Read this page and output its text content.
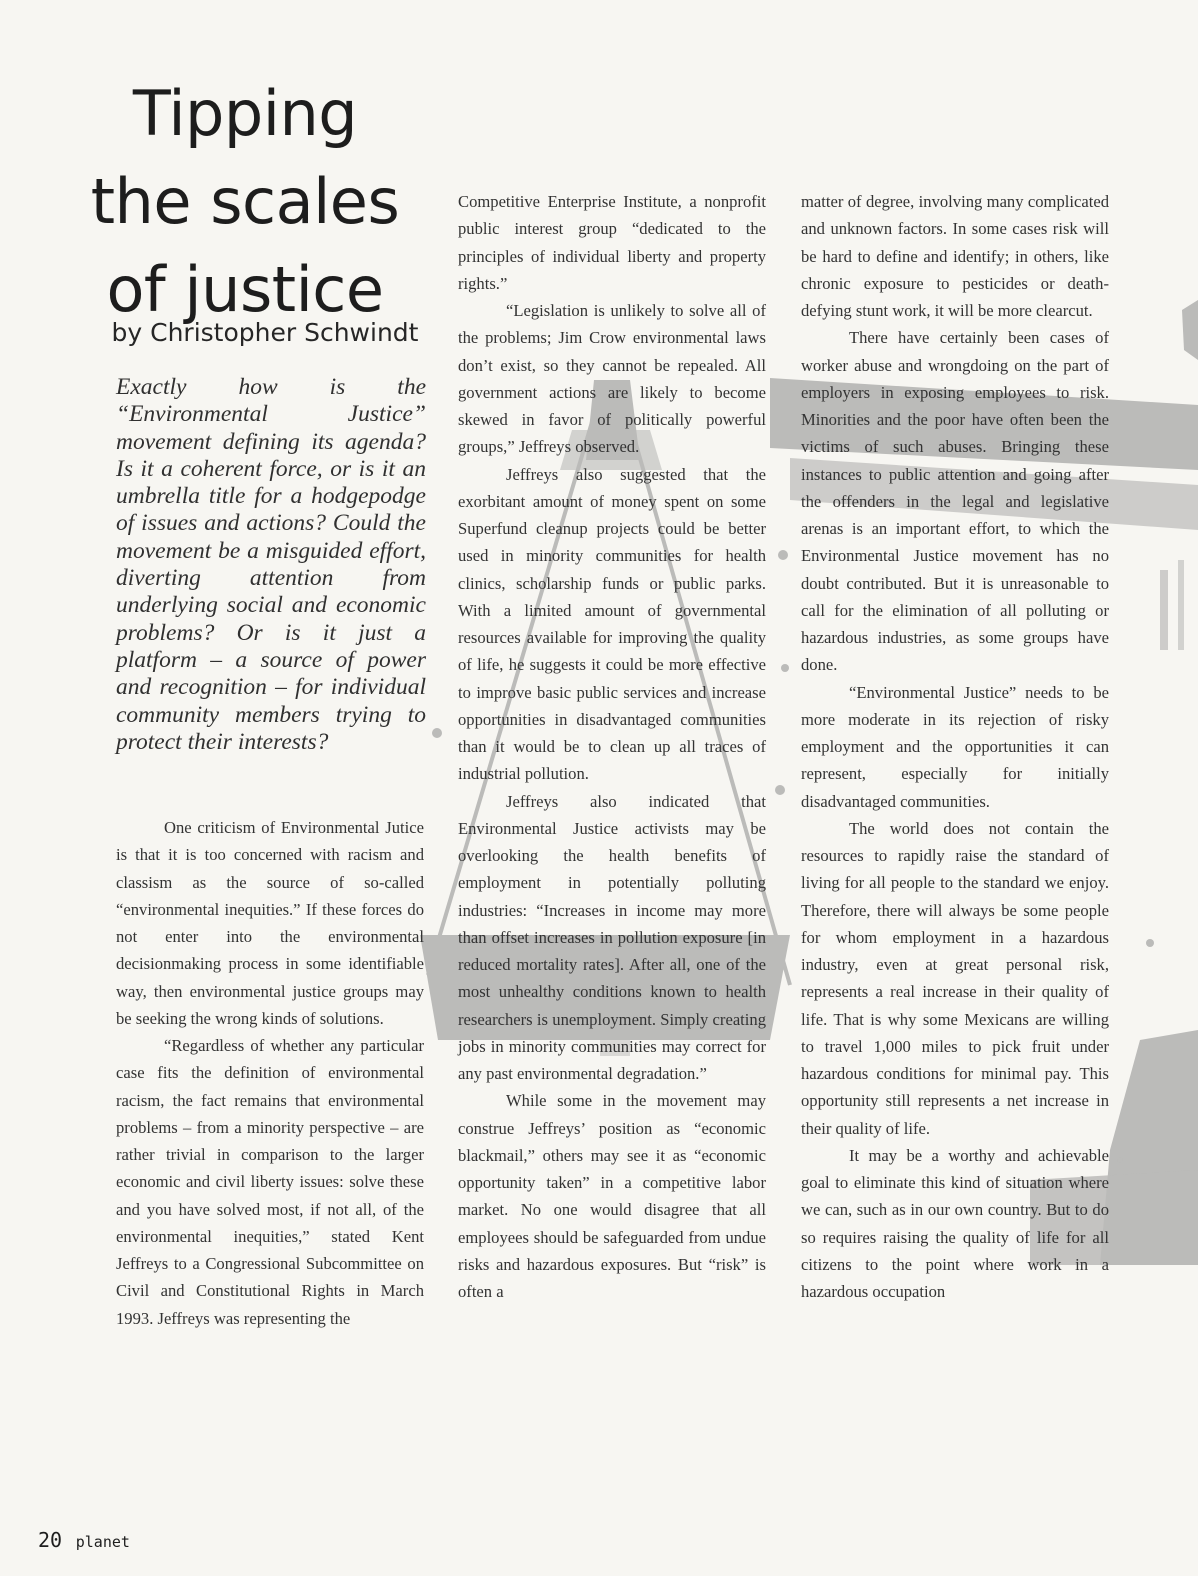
Tipping
the scales
of justice
by Christopher Schwindt
Exactly how is the “Environmental Justice” movement defining its agenda? Is it a coherent force, or is it an umbrella title for a hodgepodge of issues and actions? Could the movement be a misguided effort, diverting attention from underlying social and economic problems? Or is it just a platform – a source of power and recognition – for individual community members trying to protect their interests?

One criticism of Environmental Jutice is that it is too concerned with racism and classism as the source of so-called “environmental inequities.” If these forces do not enter into the environmental decisionmaking process in some identifiable way, then environmental justice groups may be seeking the wrong kinds of solutions.

“Regardless of whether any particular case fits the definition of environmental racism, the fact remains that environmental problems – from a minority perspective – are rather trivial in comparison to the larger economic and civil liberty issues: solve these and you have solved most, if not all, of the environmental inequities,” stated Kent Jeffreys to a Congressional Subcommittee on Civil and Constitutional Rights in March 1993. Jeffreys was representing the

Competitive Enterprise Institute, a nonprofit public interest group “dedicated to the principles of individual liberty and property rights.”

“Legislation is unlikely to solve all of the problems; Jim Crow environmental laws don’t exist, so they cannot be repealed. All government actions are likely to become skewed in favor of politically powerful groups,” Jeffreys observed.

Jeffreys also suggested that the exorbitant amount of money spent on some Superfund cleanup projects could be better used in minority communities for health clinics, scholarship funds or public parks. With a limited amount of governmental resources available for improving the quality of life, he suggests it could be more effective to improve basic public services and increase opportunities in disadvantaged communities than it would be to clean up all traces of industrial pollution.

Jeffreys also indicated that Environmental Justice activists may be overlooking the health benefits of employment in potentially polluting industries: “Increases in income may more than offset increases in pollution exposure [in reduced mortality rates]. After all, one of the most unhealthy conditions known to health researchers is unemployment. Simply creating jobs in minority communities may correct for any past environmental degradation.”

While some in the movement may construe Jeffreys’ position as “economic blackmail,” others may see it as “economic opportunity taken” in a competitive labor market. No one would disagree that all employees should be safeguarded from undue risks and hazardous exposures. But “risk” is often a

matter of degree, involving many complicated and unknown factors. In some cases risk will be hard to define and identify; in others, like chronic exposure to pesticides or death-defying stunt work, it will be more clearcut.

There have certainly been cases of worker abuse and wrongdoing on the part of employers in exposing employees to risk. Minorities and the poor have often been the victims of such abuses. Bringing these instances to public attention and going after the offenders in the legal and legislative arenas is an important effort, to which the Environmental Justice movement has no doubt contributed. But it is unreasonable to call for the elimination of all polluting or hazardous industries, as some groups have done.

“Environmental Justice” needs to be more moderate in its rejection of risky employment and the opportunities it can represent, especially for initially disadvantaged communities.

The world does not contain the resources to rapidly raise the standard of living for all people to the standard we enjoy. Therefore, there will always be some people for whom employment in a hazardous industry, even at great personal risk, represents a real increase in their quality of life. That is why some Mexicans are willing to travel 1,000 miles to pick fruit under hazardous conditions for minimal pay. This opportunity still represents a net increase in their quality of life.

It may be a worthy and achievable goal to eliminate this kind of situation where we can, such as in our own country. But to do so requires raising the quality of life for all citizens to the point where work in a hazardous occupation

20 planet
